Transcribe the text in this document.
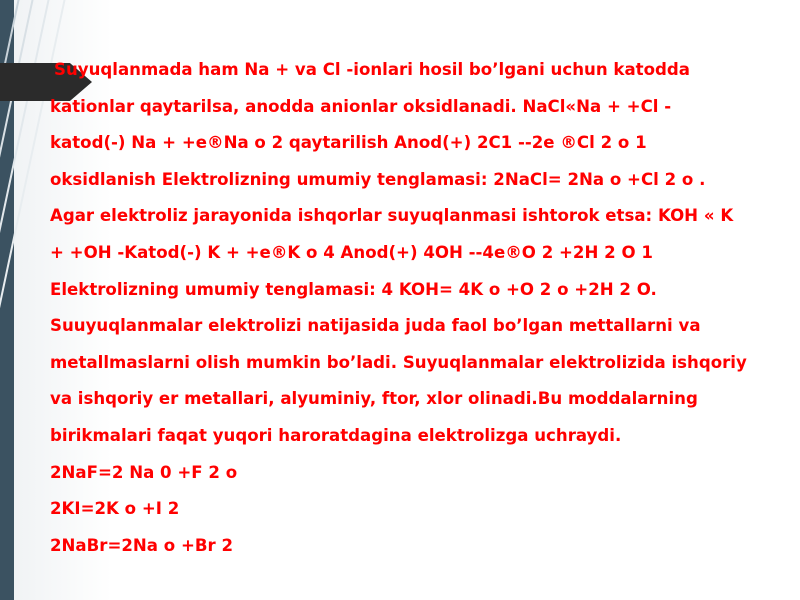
Suyuqlanmada ham Na + va Cl -ionlari hosil bo’lgani uchun katodda kationlar qaytarilsa, anodda anionlar oksidlanadi. NaCl«Na + +Cl - katod(-) Na + +e®Na o 2 qaytarilish Anod(+) 2C1 --2e ®Cl 2 o 1 oksidlanish Elektrolizning umumiy tenglamasi: 2NaCl= 2Na o +Cl 2 o . Agar elektroliz jarayonida ishqorlar suyuqlanmasi ishtorok etsa: KOH « K + +OH -Katod(-) K + +e®K o 4 Anod(+) 4OH --4e®O 2 +2H 2 O 1 Elektrolizning umumiy tenglamasi: 4 KOH= 4K o +O 2 o +2H 2 O. Suuyuqlanmalar elektrolizi natijasida juda faol bo’lgan mettallarni va metallmaslarni olish mumkin bo’ladi. Suyuqlanmalar elektrolizida ishqoriy va ishqoriy er metallari, alyuminiy, ftor, xlor olinadi.Bu moddalarning birikmalari faqat yuqori haroratdagina elektrolizga uchraydi.

2NaF=2 Na 0 +F 2 o

2KI=2K o +I 2

2NaBr=2Na o +Br 2
